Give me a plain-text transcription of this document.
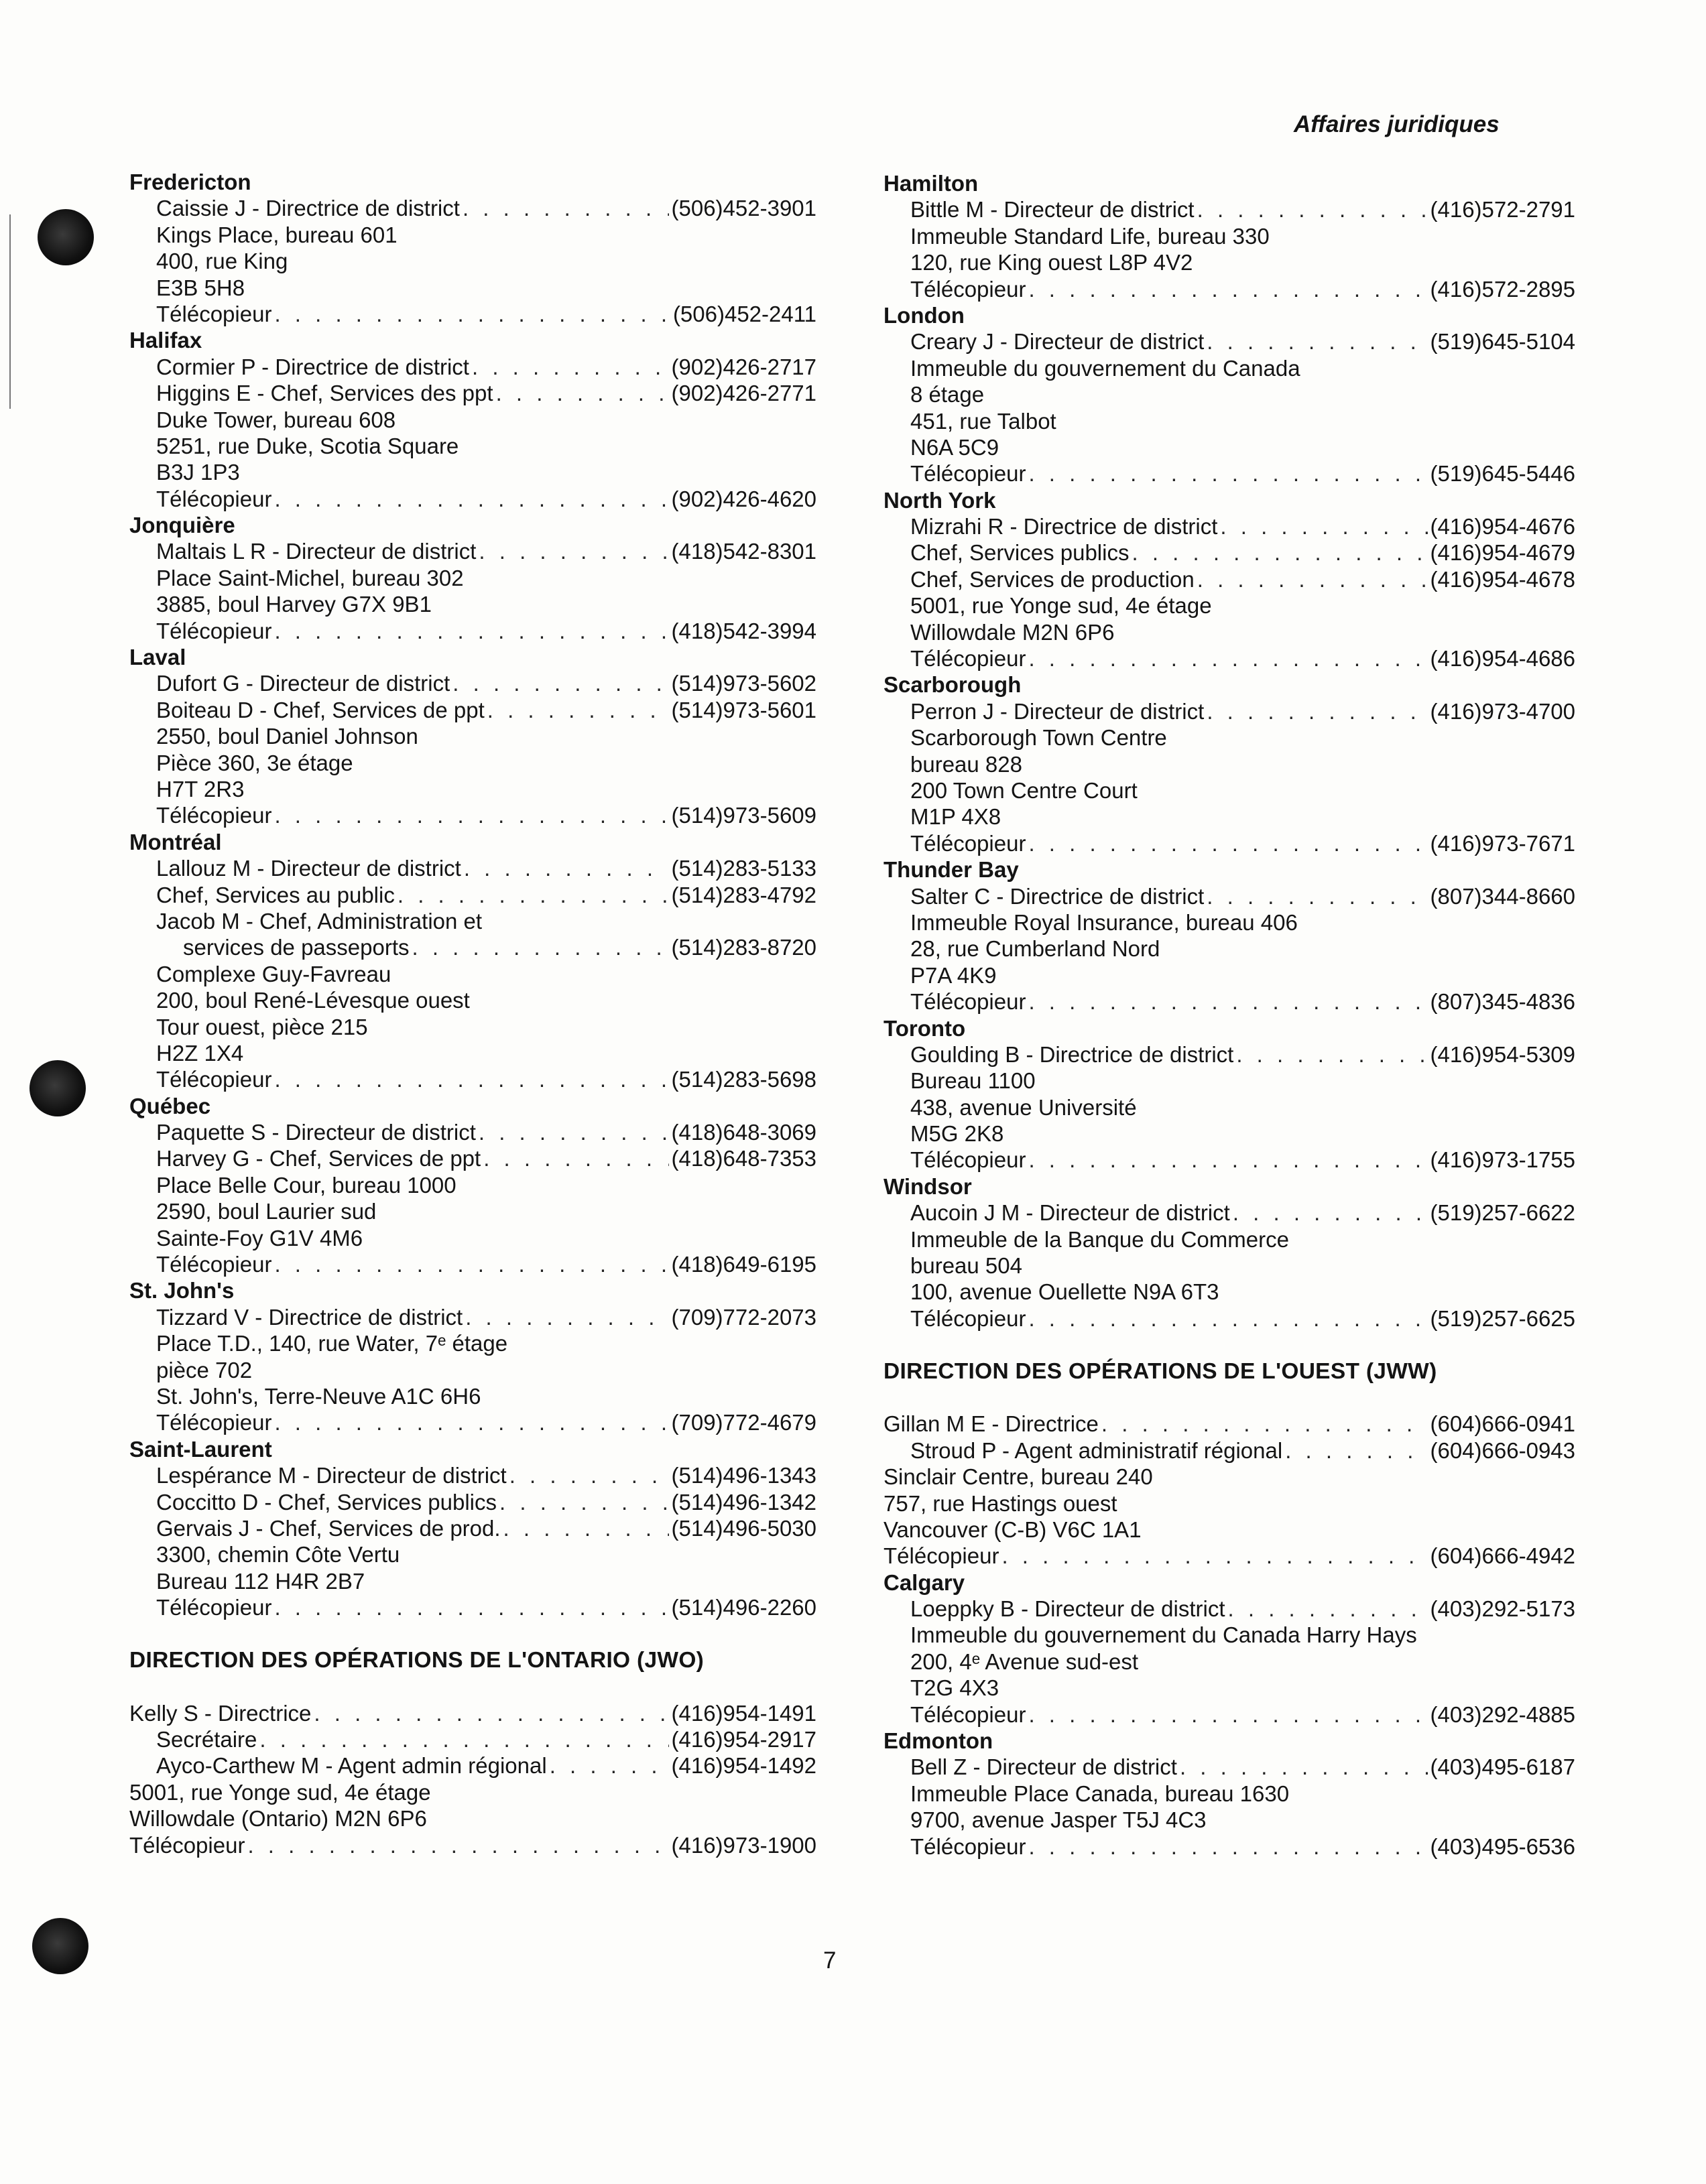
Affaires juridiques
Fredericton
Caissie J - Directrice de district . . .	(506)452-3901
Kings Place, bureau 601
400, rue King
E3B 5H8
Télécopieur . . .	(506)452-2411
Halifax
Cormier P - Directrice de district . . .	(902)426-2717
Higgins E - Chef, Services des ppt . . .	(902)426-2771
Duke Tower, bureau 608
5251, rue Duke, Scotia Square
B3J 1P3
Télécopieur . . .	(902)426-4620
Jonquière
Maltais L R - Directeur de district . . .	(418)542-8301
Place Saint-Michel, bureau 302
3885, boul Harvey G7X 9B1
Télécopieur . . .	(418)542-3994
Laval
Dufort G - Directeur de district . . .	(514)973-5602
Boiteau D - Chef, Services de ppt . . .	(514)973-5601
2550, boul Daniel Johnson
Pièce 360, 3e étage
H7T 2R3
Télécopieur . . .	(514)973-5609
Montréal
Lallouz M - Directeur de district . . .	(514)283-5133
Chef, Services au public . . .	(514)283-4792
Jacob M - Chef, Administration et
services de passeports . . .	(514)283-8720
Complexe Guy-Favreau
200, boul René-Lévesque ouest
Tour ouest, pièce 215
H2Z 1X4
Télécopieur . . .	(514)283-5698
Québec
Paquette S - Directeur de district . . .	(418)648-3069
Harvey G - Chef, Services de ppt . . .	(418)648-7353
Place Belle Cour, bureau 1000
2590, boul Laurier sud
Sainte-Foy G1V 4M6
Télécopieur . . .	(418)649-6195
St. John's
Tizzard V - Directrice de district . . .	(709)772-2073
Place T.D., 140, rue Water, 7ᵉ étage
pièce 702
St. John's, Terre-Neuve A1C 6H6
Télécopieur . . .	(709)772-4679
Saint-Laurent
Lespérance M - Directeur de district . . .	(514)496-1343
Coccitto D - Chef, Services publics . . .	(514)496-1342
Gervais J - Chef, Services de prod. . . .	(514)496-5030
3300, chemin Côte Vertu
Bureau 112 H4R 2B7
Télécopieur . . .	(514)496-2260
DIRECTION DES OPÉRATIONS DE L'ONTARIO (JWO)
Kelly S - Directrice . . .	(416)954-1491
Secrétaire . . .	(416)954-2917
Ayco-Carthew M - Agent admin régional . . .	(416)954-1492
5001, rue Yonge sud, 4e étage
Willowdale (Ontario) M2N 6P6
Télécopieur . . .	(416)973-1900
Hamilton
Bittle M - Directeur de district . . .	(416)572-2791
Immeuble Standard Life, bureau 330
120, rue King ouest L8P 4V2
Télécopieur . . .	(416)572-2895
London
Creary J - Directeur de district . . .	(519)645-5104
Immeuble du gouvernement du Canada
8 étage
451, rue Talbot
N6A 5C9
Télécopieur . . .	(519)645-5446
North York
Mizrahi R - Directrice de district . . .	(416)954-4676
Chef, Services publics . . .	(416)954-4679
Chef, Services de production . . .	(416)954-4678
5001, rue Yonge sud, 4e étage
Willowdale M2N 6P6
Télécopieur . . .	(416)954-4686
Scarborough
Perron J - Directeur de district . . .	(416)973-4700
Scarborough Town Centre
bureau 828
200 Town Centre Court
M1P 4X8
Télécopieur . . .	(416)973-7671
Thunder Bay
Salter C - Directrice de district . . .	(807)344-8660
Immeuble Royal Insurance, bureau 406
28, rue Cumberland Nord
P7A 4K9
Télécopieur . . .	(807)345-4836
Toronto
Goulding B - Directrice de district . . .	(416)954-5309
Bureau 1100
438, avenue Université
M5G 2K8
Télécopieur . . .	(416)973-1755
Windsor
Aucoin J M - Directeur de district . . .	(519)257-6622
Immeuble de la Banque du Commerce
bureau 504
100, avenue Ouellette N9A 6T3
Télécopieur . . .	(519)257-6625
DIRECTION DES OPÉRATIONS DE L'OUEST (JWW)
Gillan M E - Directrice . . .	(604)666-0941
Stroud P - Agent administratif régional . . .	(604)666-0943
Sinclair Centre, bureau 240
757, rue Hastings ouest
Vancouver (C-B) V6C 1A1
Télécopieur . . .	(604)666-4942
Calgary
Loeppky B - Directeur de district . . .	(403)292-5173
Immeuble du gouvernement du Canada Harry Hays
200, 4ᵉ Avenue sud-est
T2G 4X3
Télécopieur . . .	(403)292-4885
Edmonton
Bell Z - Directeur de district . . .	(403)495-6187
Immeuble Place Canada, bureau 1630
9700, avenue Jasper T5J 4C3
Télécopieur . . .	(403)495-6536
7
